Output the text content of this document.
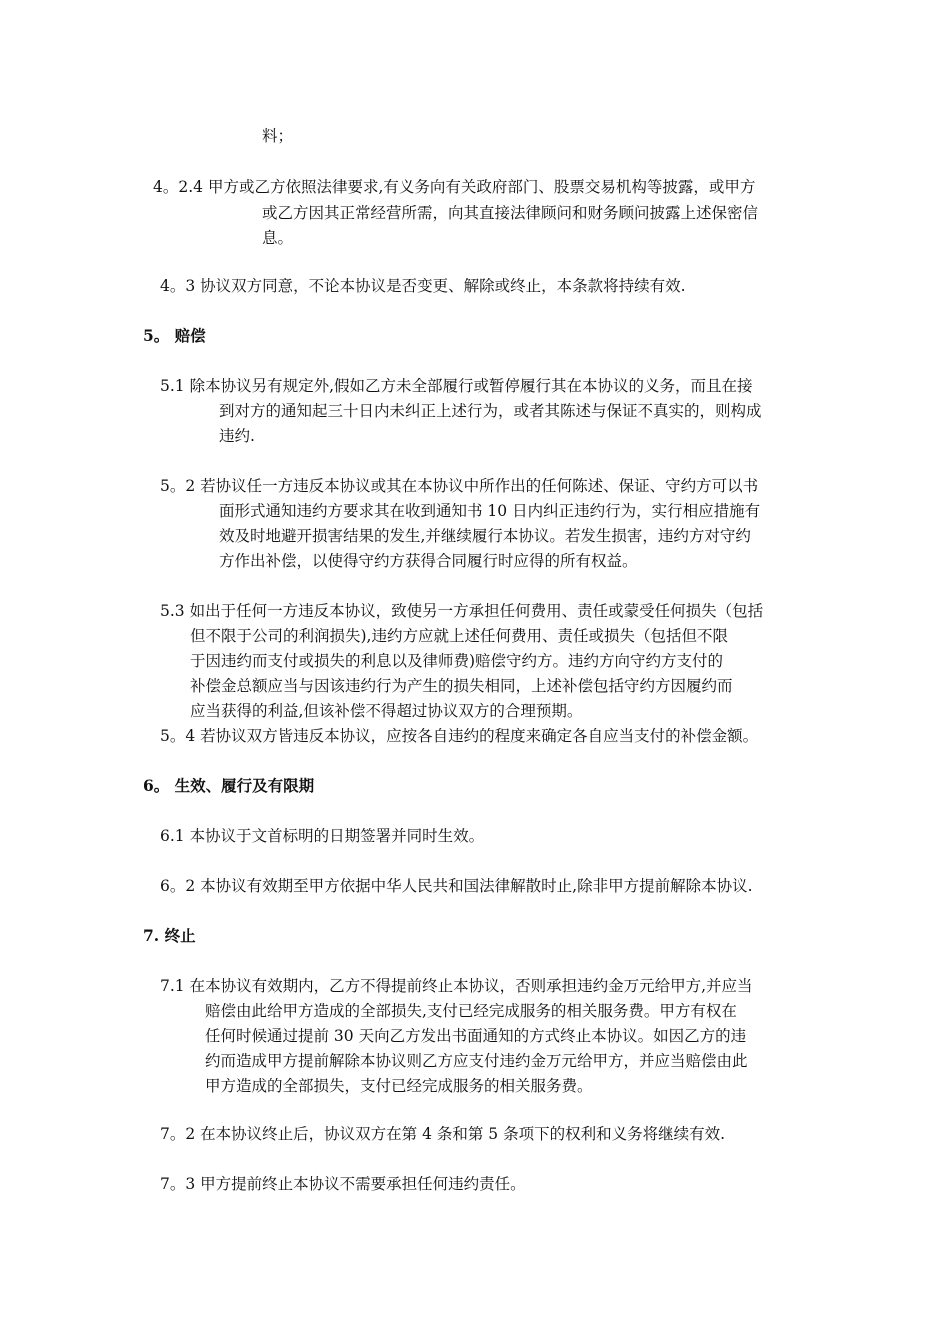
料；
4。2.4 甲方或乙方依照法律要求,有义务向有关政府部门、股票交易机构等披露，或甲方
或乙方因其正常经营所需，向其直接法律顾问和财务顾问披露上述保密信
息。
4。3 协议双方同意，不论本协议是否变更、解除或终止，本条款将持续有效.
5。 赔偿
5.1 除本协议另有规定外,假如乙方未全部履行或暂停履行其在本协议的义务，而且在接
到对方的通知起三十日内未纠正上述行为，或者其陈述与保证不真实的，则构成
违约.
5。2 若协议任一方违反本协议或其在本协议中所作出的任何陈述、保证、守约方可以书
面形式通知违约方要求其在收到通知书 10 日内纠正违约行为，实行相应措施有
效及时地避开损害结果的发生,并继续履行本协议。若发生损害，违约方对守约
方作出补偿，以使得守约方获得合同履行时应得的所有权益。
5.3 如出于任何一方违反本协议，致使另一方承担任何费用、责任或蒙受任何损失（包括
但不限于公司的利润损失),违约方应就上述任何费用、责任或损失（包括但不限
于因违约而支付或损失的利息以及律师费)赔偿守约方。违约方向守约方支付的
补偿金总额应当与因该违约行为产生的损失相同，上述补偿包括守约方因履约而
应当获得的利益,但该补偿不得超过协议双方的合理预期。
5。4 若协议双方皆违反本协议，应按各自违约的程度来确定各自应当支付的补偿金额。
6。 生效、履行及有限期
6.1 本协议于文首标明的日期签署并同时生效。
6。2 本协议有效期至甲方依据中华人民共和国法律解散时止,除非甲方提前解除本协议.
7. 终止
7.1 在本协议有效期内，乙方不得提前终止本协议，否则承担违约金万元给甲方,并应当
赔偿由此给甲方造成的全部损失,支付已经完成服务的相关服务费。甲方有权在
任何时候通过提前 30 天向乙方发出书面通知的方式终止本协议。如因乙方的违
约而造成甲方提前解除本协议则乙方应支付违约金万元给甲方，并应当赔偿由此
甲方造成的全部损失，支付已经完成服务的相关服务费。
7。2 在本协议终止后，协议双方在第 4 条和第 5 条项下的权利和义务将继续有效.
7。3 甲方提前终止本协议不需要承担任何违约责任。
